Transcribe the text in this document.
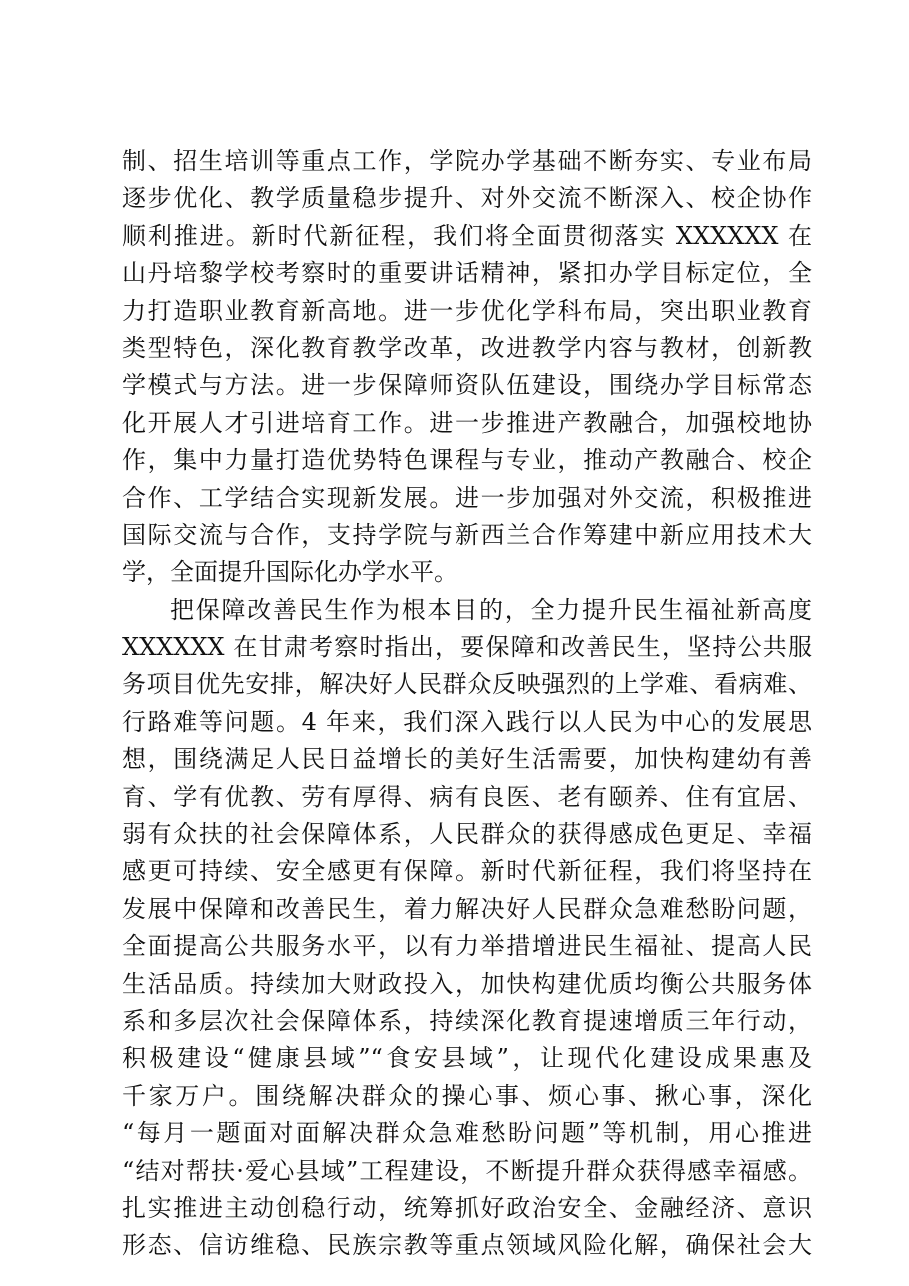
制、招生培训等重点工作，学院办学基础不断夯实、专业布局
逐步优化、教学质量稳步提升、对外交流不断深入、校企协作
顺利推进。新时代新征程，我们将全面贯彻落实 XXXXXX 在
山丹培黎学校考察时的重要讲话精神，紧扣办学目标定位，全
力打造职业教育新高地。进一步优化学科布局，突出职业教育
类型特色，深化教育教学改革，改进教学内容与教材，创新教
学模式与方法。进一步保障师资队伍建设，围绕办学目标常态
化开展人才引进培育工作。进一步推进产教融合，加强校地协
作，集中力量打造优势特色课程与专业，推动产教融合、校企
合作、工学结合实现新发展。进一步加强对外交流，积极推进
国际交流与合作，支持学院与新西兰合作筹建中新应用技术大
学，全面提升国际化办学水平。
把保障改善民生作为根本目的，全力提升民生福祉新高度
XXXXXX 在甘肃考察时指出，要保障和改善民生，坚持公共服
务项目优先安排，解决好人民群众反映强烈的上学难、看病难、
行路难等问题。4 年来，我们深入践行以人民为中心的发展思
想，围绕满足人民日益增长的美好生活需要，加快构建幼有善
育、学有优教、劳有厚得、病有良医、老有颐养、住有宜居、
弱有众扶的社会保障体系，人民群众的获得感成色更足、幸福
感更可持续、安全感更有保障。新时代新征程，我们将坚持在
发展中保障和改善民生，着力解决好人民群众急难愁盼问题，
全面提高公共服务水平，以有力举措增进民生福祉、提高人民
生活品质。持续加大财政投入，加快构建优质均衡公共服务体
系和多层次社会保障体系，持续深化教育提速增质三年行动，
积极建设“健康县域”“食安县域”，让现代化建设成果惠及
千家万户。围绕解决群众的操心事、烦心事、揪心事，深化
“每月一题面对面解决群众急难愁盼问题”等机制，用心推进
“结对帮扶·爱心县域”工程建设，不断提升群众获得感幸福感。
扎实推进主动创稳行动，统筹抓好政治安全、金融经济、意识
形态、信访维稳、民族宗教等重点领域风险化解，确保社会大
